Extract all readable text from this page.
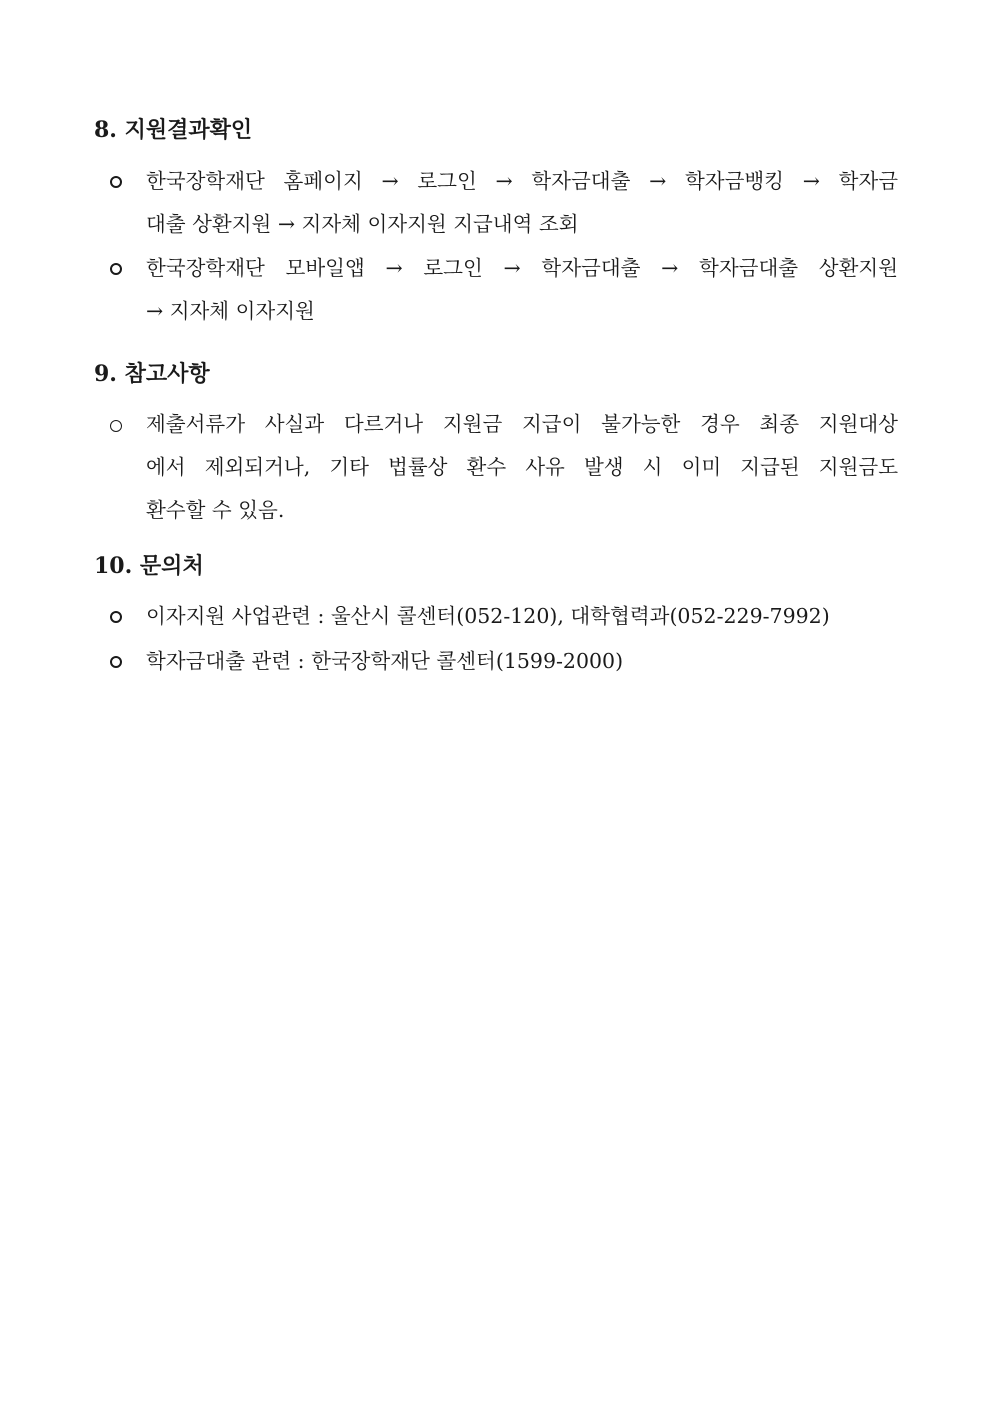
8. 지원결과확인
한국장학재단 홈페이지 → 로그인 → 학자금대출 → 학자금뱅킹 → 학자금
대출 상환지원 → 지자체 이자지원 지급내역 조회
한국장학재단 모바일앱 → 로그인 → 학자금대출 → 학자금대출 상환지원
→ 지자체 이자지원
9. 참고사항
제출서류가 사실과 다르거나 지원금 지급이 불가능한 경우 최종 지원대상
에서 제외되거나, 기타 법률상 환수 사유 발생 시 이미 지급된 지원금도
환수할 수 있음.
10. 문의처

이자지원 사업관련 : 울산시 콜센터(052-120), 대학협력과(052-229-7992)

학자금대출 관련 : 한국장학재단 콜센터(1599-2000)
